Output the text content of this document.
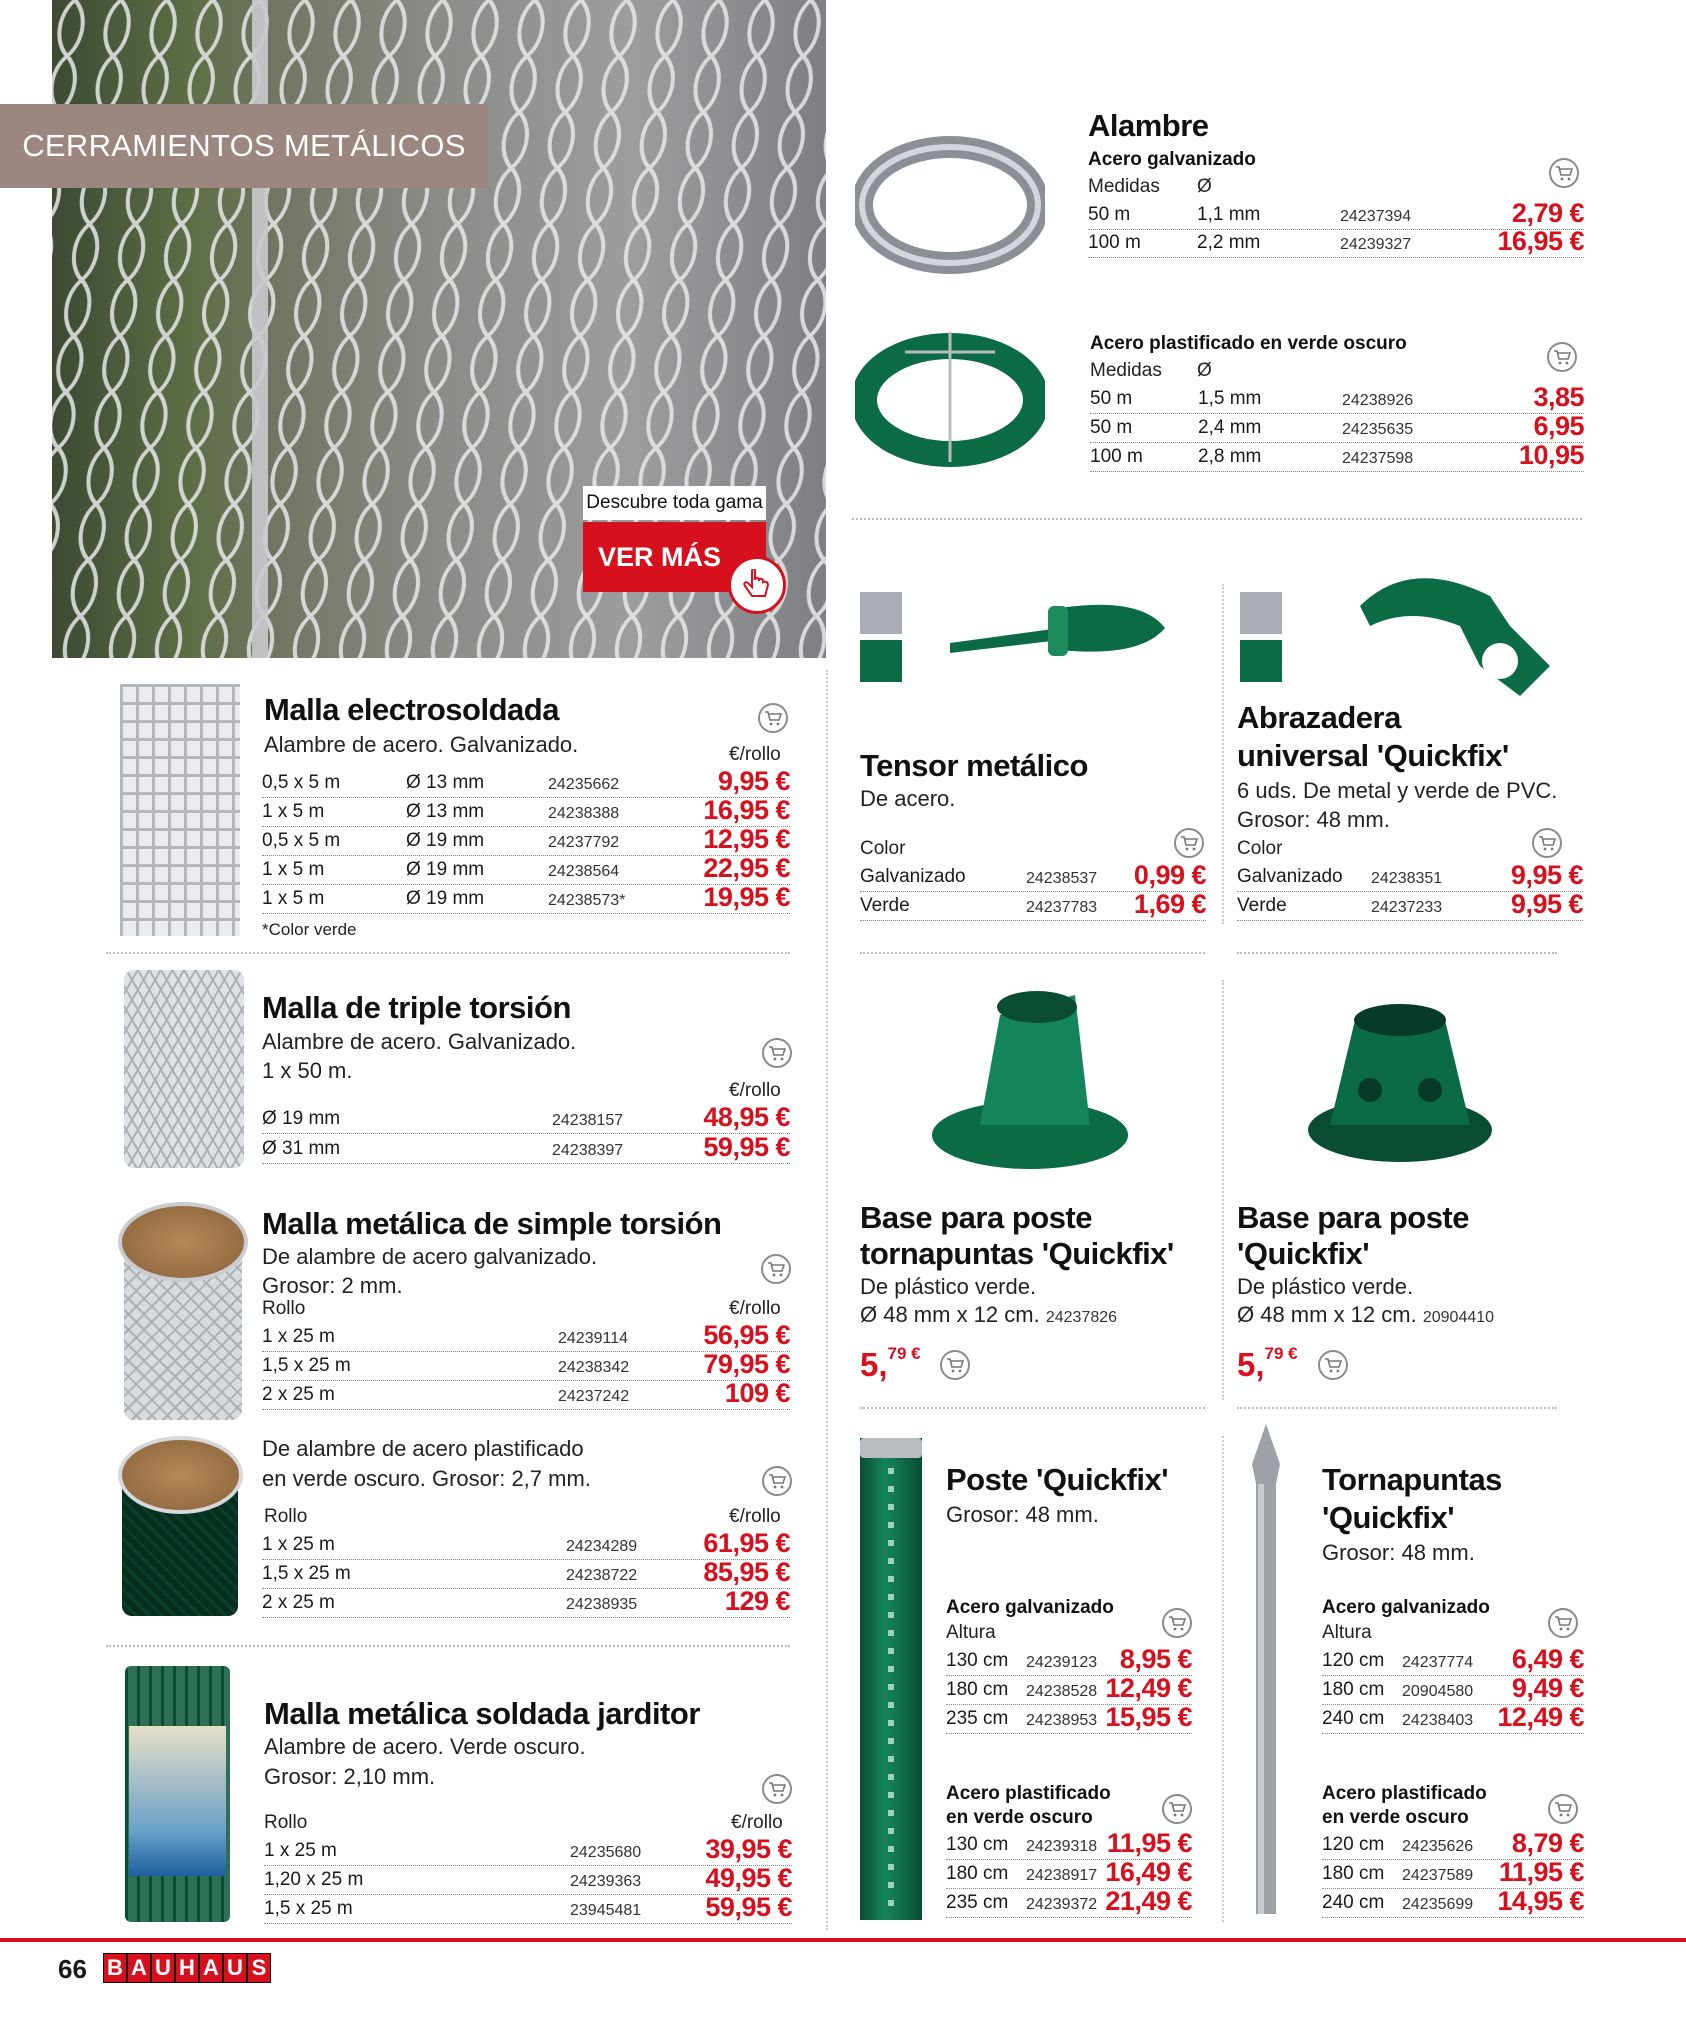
CERRAMIENTOS METÁLICOS
Descubre toda gama
VER MÁS
Alambre
Acero galvanizado
Medidas Ø
50 m	1,1 mm	24237394	2,79 €
100 m	2,2 mm	24239327	16,95 €
Acero plastificado en verde oscuro
Medidas Ø
50 m	1,5 mm	24238926	3,85
50 m	2,4 mm	24235635	6,95
100 m	2,8 mm	24237598	10,95
Tensor metálico
De acero.
Color
Galvanizado	24238537 0,99 €
Verde	24237783 1,69 €
Abrazadera
universal 'Quickfix'
6 uds. De metal y verde de PVC.
Grosor: 48 mm.
Color
Galvanizado 24238351	9,95 €
Verde	24237233	9,95 €
Base para poste
tornapuntas 'Quickfix'
De plástico verde.
Ø 48 mm x 12 cm. 24237826
5,$^{79 €}$
Base para poste
'Quickfix'
De plástico verde.
Ø 48 mm x 12 cm. 20904410
5,$^{79 €}$
Poste 'Quickfix'
Grosor: 48 mm.
Acero galvanizado
Altura
130 cm 24239123 8,95 €
180 cm 24238528 12,49 €
235 cm 24238953 15,95 €
Acero plastificado
en verde oscuro
130 cm 24239318 11,95 €
180 cm 24238917 16,49 €
235 cm 24239372 21,49 €
Tornapuntas
'Quickfix'
Grosor: 48 mm.
Acero galvanizado
Altura
120 cm 24237774 6,49 €
180 cm 20904580 9,49 €
240 cm 24238403 12,49 €
Acero plastificado
en verde oscuro
120 cm 24235626 8,79 €
180 cm 24237589 11,95 €
240 cm 24235699 14,95 €
Malla electrosoldada
Alambre de acero. Galvanizado.	€/rollo
0,5 x 5 m	Ø 13 mm	24235662	9,95 €
1 x 5 m	Ø 13 mm	24238388	16,95 €
0,5 x 5 m	Ø 19 mm	24237792	12,95 €
1 x 5 m	Ø 19 mm	24238564	22,95 €
1 x 5 m	Ø 19 mm	24238573*	19,95 €
*Color verde
Malla de triple torsión
Alambre de acero. Galvanizado.
1 x 50 m.
€/rollo
Ø 19 mm	24238157	48,95 €
Ø 31 mm	24238397	59,95 €
Malla metálica de simple torsión
De alambre de acero galvanizado.
Grosor: 2 mm.
Rollo	€/rollo
1 x 25 m	24239114	56,95 €
1,5 x 25 m	24238342	79,95 €
2 x 25 m	24237242	109 €
De alambre de acero plastificado
en verde oscuro. Grosor: 2,7 mm.
Rollo	€/rollo
1 x 25 m	24234289 61,95 €
1,5 x 25 m	24238722 85,95 €
2 x 25 m	24238935	129 €
Malla metálica soldada jarditor
Alambre de acero. Verde oscuro.
Grosor: 2,10 mm.
Rollo	€/rollo
1 x 25 m	24235680 39,95 €
1,20 x 25 m	24239363 49,95 €
1,5 x 25 m	23945481 59,95 €
66 B A U H A U S
